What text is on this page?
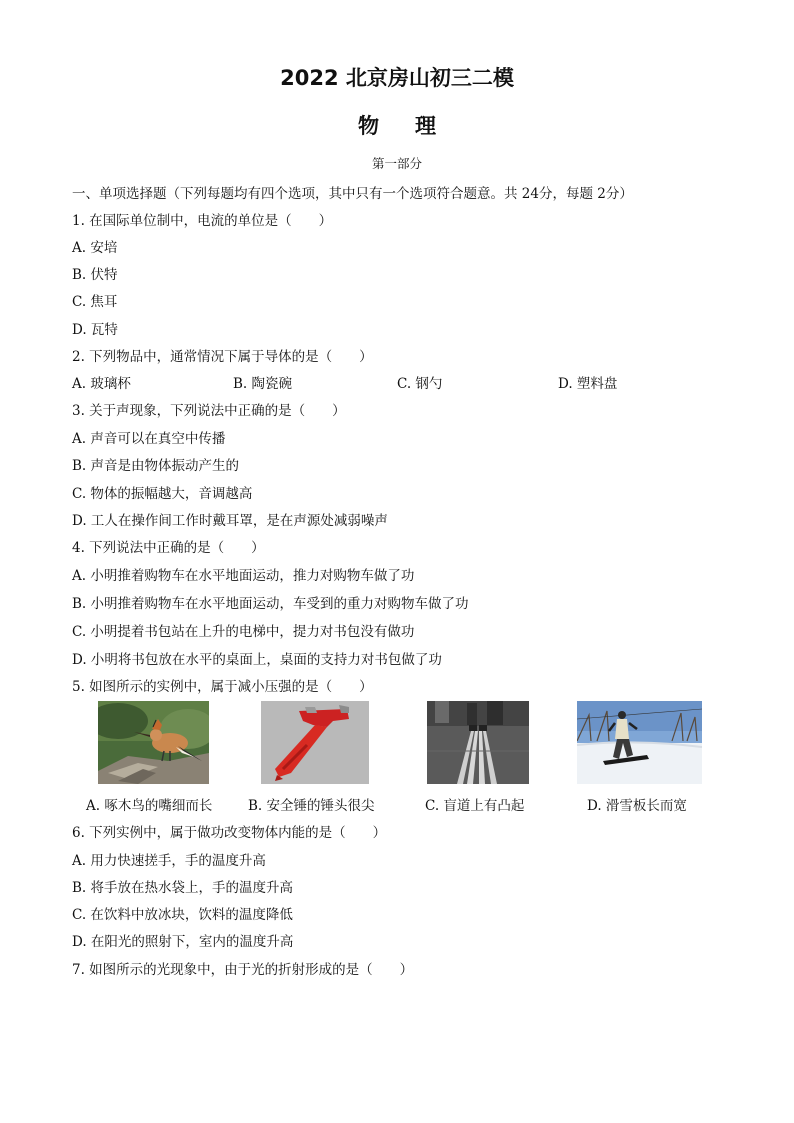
2022 北京房山初三二模
物理
第一部分
一、单项选择题（下列每题均有四个选项，其中只有一个选项符合题意。共 24分，每题 2分）
1. 在国际单位制中，电流的单位是（　　）
A. 安培
B. 伏特
C. 焦耳
D. 瓦特
2. 下列物品中，通常情况下属于导体的是（　　）
A. 玻璃杯	B. 陶瓷碗	C. 钢勺	D. 塑料盘
3. 关于声现象，下列说法中正确的是（　　）
A. 声音可以在真空中传播
B. 声音是由物体振动产生的
C. 物体的振幅越大，音调越高
D. 工人在操作间工作时戴耳罩，是在声源处减弱噪声
4. 下列说法中正确的是（　　）
A. 小明推着购物车在水平地面运动，推力对购物车做了功
B. 小明推着购物车在水平地面运动，车受到的重力对购物车做了功
C. 小明提着书包站在上升的电梯中，提力对书包没有做功
D. 小明将书包放在水平的桌面上，桌面的支持力对书包做了功
5. 如图所示的实例中，属于减小压强的是（　　）
A. 啄木鸟的嘴细而长	B. 安全锤的锤头很尖	C. 盲道上有凸起	D. 滑雪板长而宽
6. 下列实例中，属于做功改变物体内能的是（　　）
A. 用力快速搓手，手的温度升高
B. 将手放在热水袋上，手的温度升高
C. 在饮料中放冰块，饮料的温度降低
D. 在阳光的照射下，室内的温度升高
7. 如图所示的光现象中，由于光的折射形成的是（　　）
